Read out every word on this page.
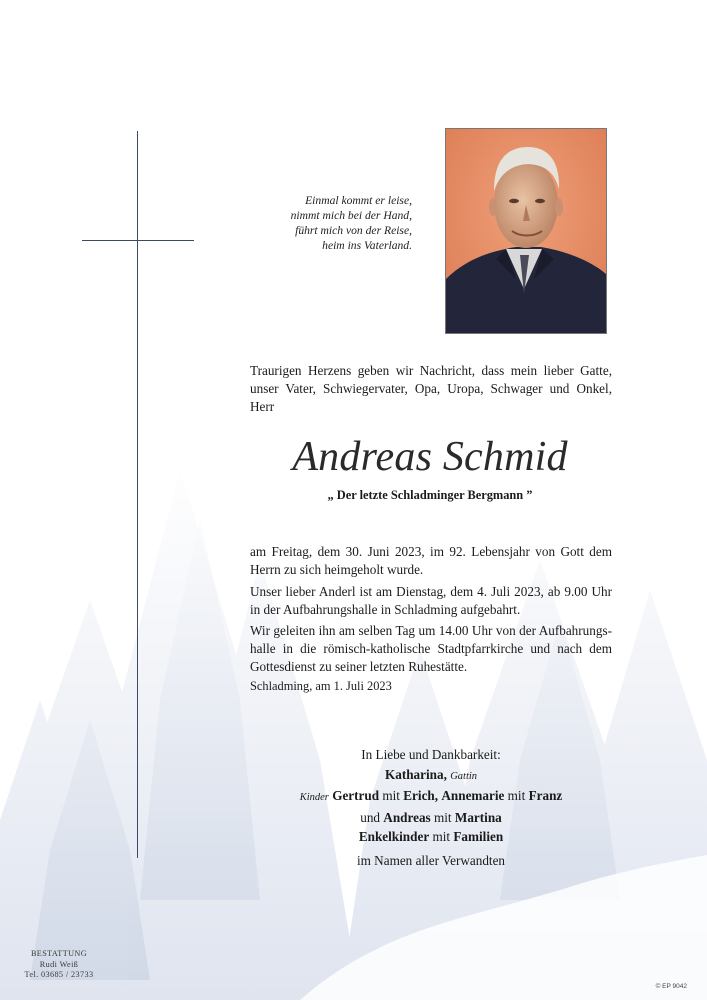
Einmal kommt er leise,
nimmt mich bei der Hand,
führt mich von der Reise,
heim ins Vaterland.
Traurigen Herzens geben wir Nachricht, dass mein lieber Gatte, unser Vater, Schwiegervater, Opa, Uropa, Schwager und Onkel, Herr
Andreas Schmid
„ Der letzte Schladminger Bergmann ”
am Freitag, dem 30. Juni 2023, im 92. Lebensjahr von Gott dem Herrn zu sich heimgeholt wurde.
Unser lieber Anderl ist am Dienstag, dem 4. Juli 2023, ab 9.00 Uhr in der Aufbahrungshalle in Schladming aufgebahrt.
Wir geleiten ihn am selben Tag um 14.00 Uhr von der Aufbahrungshalle in die römisch-katholische Stadtpfarrkirche und nach dem Gottesdienst zu seiner letzten Ruhestätte.
Schladming, am 1. Juli 2023
In Liebe und Dankbarkeit:
Katharina, Gattin
Kinder Gertrud mit Erich, Annemarie mit Franz
und Andreas mit Martina
Enkelkinder mit Familien
im Namen aller Verwandten
BESTATTUNG
Rudi Weiß
Tel. 03685 / 23733
© EP 9042
